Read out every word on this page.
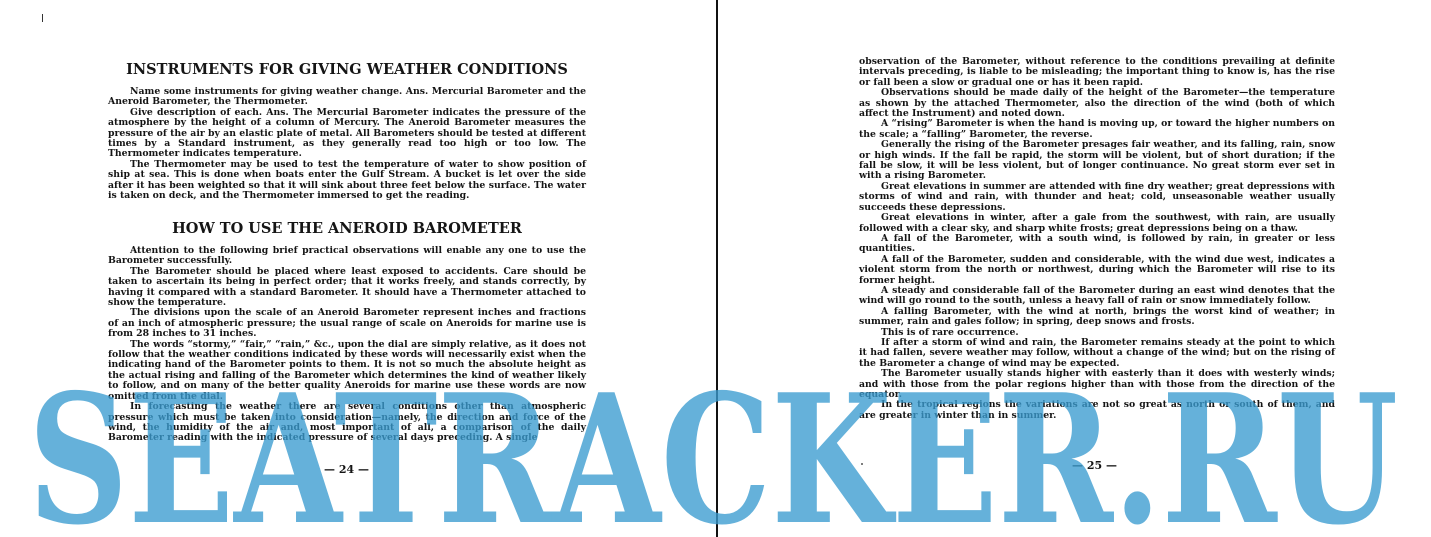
INSTRUMENTS FOR GIVING WEATHER CONDITIONS

Name some instruments for giving weather change. Ans. Mercurial Barometer and the Aneroid Barometer, the Thermometer.

Give description of each. Ans. The Mercurial Barometer indicates the pressure of the atmosphere by the height of a column of Mercury. The Aneroid Barometer measures the pressure of the air by an elastic plate of metal. All Barometers should be tested at different times by a Standard instrument, as they generally read too high or too low. The Thermometer indicates temperature.

The Thermometer may be used to test the temperature of water to show position of ship at sea. This is done when boats enter the Gulf Stream. A bucket is let over the side after it has been weighted so that it will sink about three feet below the surface. The water is taken on deck, and the Thermometer immersed to get the reading.

HOW TO USE THE ANEROID BAROMETER

Attention to the following brief practical observations will enable any one to use the Barometer successfully.

The Barometer should be placed where least exposed to accidents. Care should be taken to ascertain its being in perfect order; that it works freely, and stands correctly, by having it compared with a standard Barometer. It should have a Thermometer attached to show the temperature.

The divisions upon the scale of an Aneroid Barometer represent inches and fractions of an inch of atmospheric pressure; the usual range of scale on Aneroids for marine use is from 28 inches to 31 inches.

The words “stormy,” “fair,” “rain,” &c., upon the dial are simply relative, as it does not follow that the weather conditions indicated by these words will necessarily exist when the indicating hand of the Barometer points to them. It is not so much the absolute height as the actual rising and falling of the Barometer which determines the kind of weather likely to follow, and on many of the better quality Aneroids for marine use these words are now omitted from the dial.

In forecasting the weather there are several conditions other than atmospheric pressure which must be taken into consideration—namely, the direction and force of the wind, the humidity of the air and, most important of all, a comparison of the daily Barometer reading with the indicated pressure of several days preceding. A single

— 24 —

observation of the Barometer, without reference to the conditions prevailing at definite intervals preceding, is liable to be misleading; the important thing to know is, has the rise or fall been a slow or gradual one or has it been rapid.

Observations should be made daily of the height of the Barometer—the temperature as shown by the attached Thermometer, also the direction of the wind (both of which affect the Instrument) and noted down.

A “rising” Barometer is when the hand is moving up, or toward the higher numbers on the scale; a “falling” Barometer, the reverse.

Generally the rising of the Barometer presages fair weather, and its falling, rain, snow or high winds. If the fall be rapid, the storm will be violent, but of short duration; if the fall be slow, it will be less violent, but of longer continuance. No great storm ever set in with a rising Barometer.

Great elevations in summer are attended with fine dry weather; great depressions with storms of wind and rain, with thunder and heat; cold, unseasonable weather usually succeeds these depressions.

Great elevations in winter, after a gale from the southwest, with rain, are usually followed with a clear sky, and sharp white frosts; great depressions being on a thaw.

A fall of the Barometer, with a south wind, is followed by rain, in greater or less quantities.

A fall of the Barometer, sudden and considerable, with the wind due west, indicates a violent storm from the north or northwest, during which the Barometer will rise to its former height.

A steady and considerable fall of the Barometer during an east wind denotes that the wind will go round to the south, unless a heavy fall of rain or snow immediately follow.

A falling Barometer, with the wind at north, brings the worst kind of weather; in summer, rain and gales follow; in spring, deep snows and frosts.

This is of rare occurrence.

If after a storm of wind and rain, the Barometer remains steady at the point to which it had fallen, severe weather may follow, without a change of the wind; but on the rising of the Barometer a change of wind may be expected.

The Barometer usually stands higher with easterly than it does with westerly winds; and with those from the polar regions higher than with those from the direction of the equator.

In the tropical regions the variations are not so great as north or south of them, and are greater in winter than in summer.

— 25 —
SEATRACKER.RU
